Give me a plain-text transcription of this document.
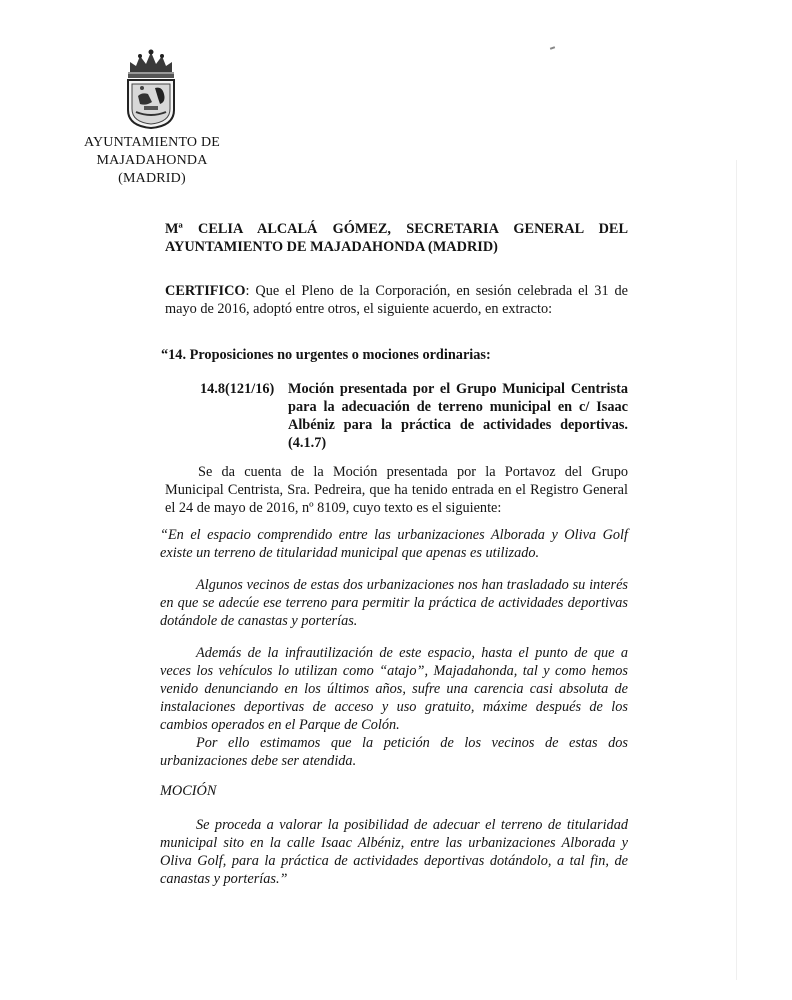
AYUNTAMIENTO DE
MAJADAHONDA
(MADRID)
Mª CELIA ALCALÁ GÓMEZ, SECRETARIA GENERAL DEL AYUNTAMIENTO DE MAJADAHONDA (MADRID)
CERTIFICO: Que el Pleno de la Corporación, en sesión celebrada el 31 de mayo de 2016, adoptó entre otros, el siguiente acuerdo, en extracto:
“14. Proposiciones no urgentes o mociones ordinarias:
14.8(121/16) Moción presentada por el Grupo Municipal Centrista para la adecuación de terreno municipal en c/ Isaac Albéniz para la práctica de actividades deportivas. (4.1.7)
Se da cuenta de la Moción presentada por la Portavoz del Grupo Municipal Centrista, Sra. Pedreira, que ha tenido entrada en el Registro General el 24 de mayo de 2016, nº 8109, cuyo texto es el siguiente:
“En el espacio comprendido entre las urbanizaciones Alborada y Oliva Golf existe un terreno de titularidad municipal que apenas es utilizado.
Algunos vecinos de estas dos urbanizaciones nos han trasladado su interés en que se adecúe ese terreno para permitir la práctica de actividades deportivas dotándole de canastas y porterías.
Además de la infrautilización de este espacio, hasta el punto de que a veces los vehículos lo utilizan como “atajo”, Majadahonda, tal y como hemos venido denunciando en los últimos años, sufre una carencia casi absoluta de instalaciones deportivas de acceso y uso gratuito, máxime después de los cambios operados en el Parque de Colón.
Por ello estimamos que la petición de los vecinos de estas dos urbanizaciones debe ser atendida.
MOCIÓN
Se proceda a valorar la posibilidad de adecuar el terreno de titularidad municipal sito en la calle Isaac Albéniz, entre las urbanizaciones Alborada y Oliva Golf, para la práctica de actividades deportivas dotándolo, a tal fin, de canastas y porterías.”
